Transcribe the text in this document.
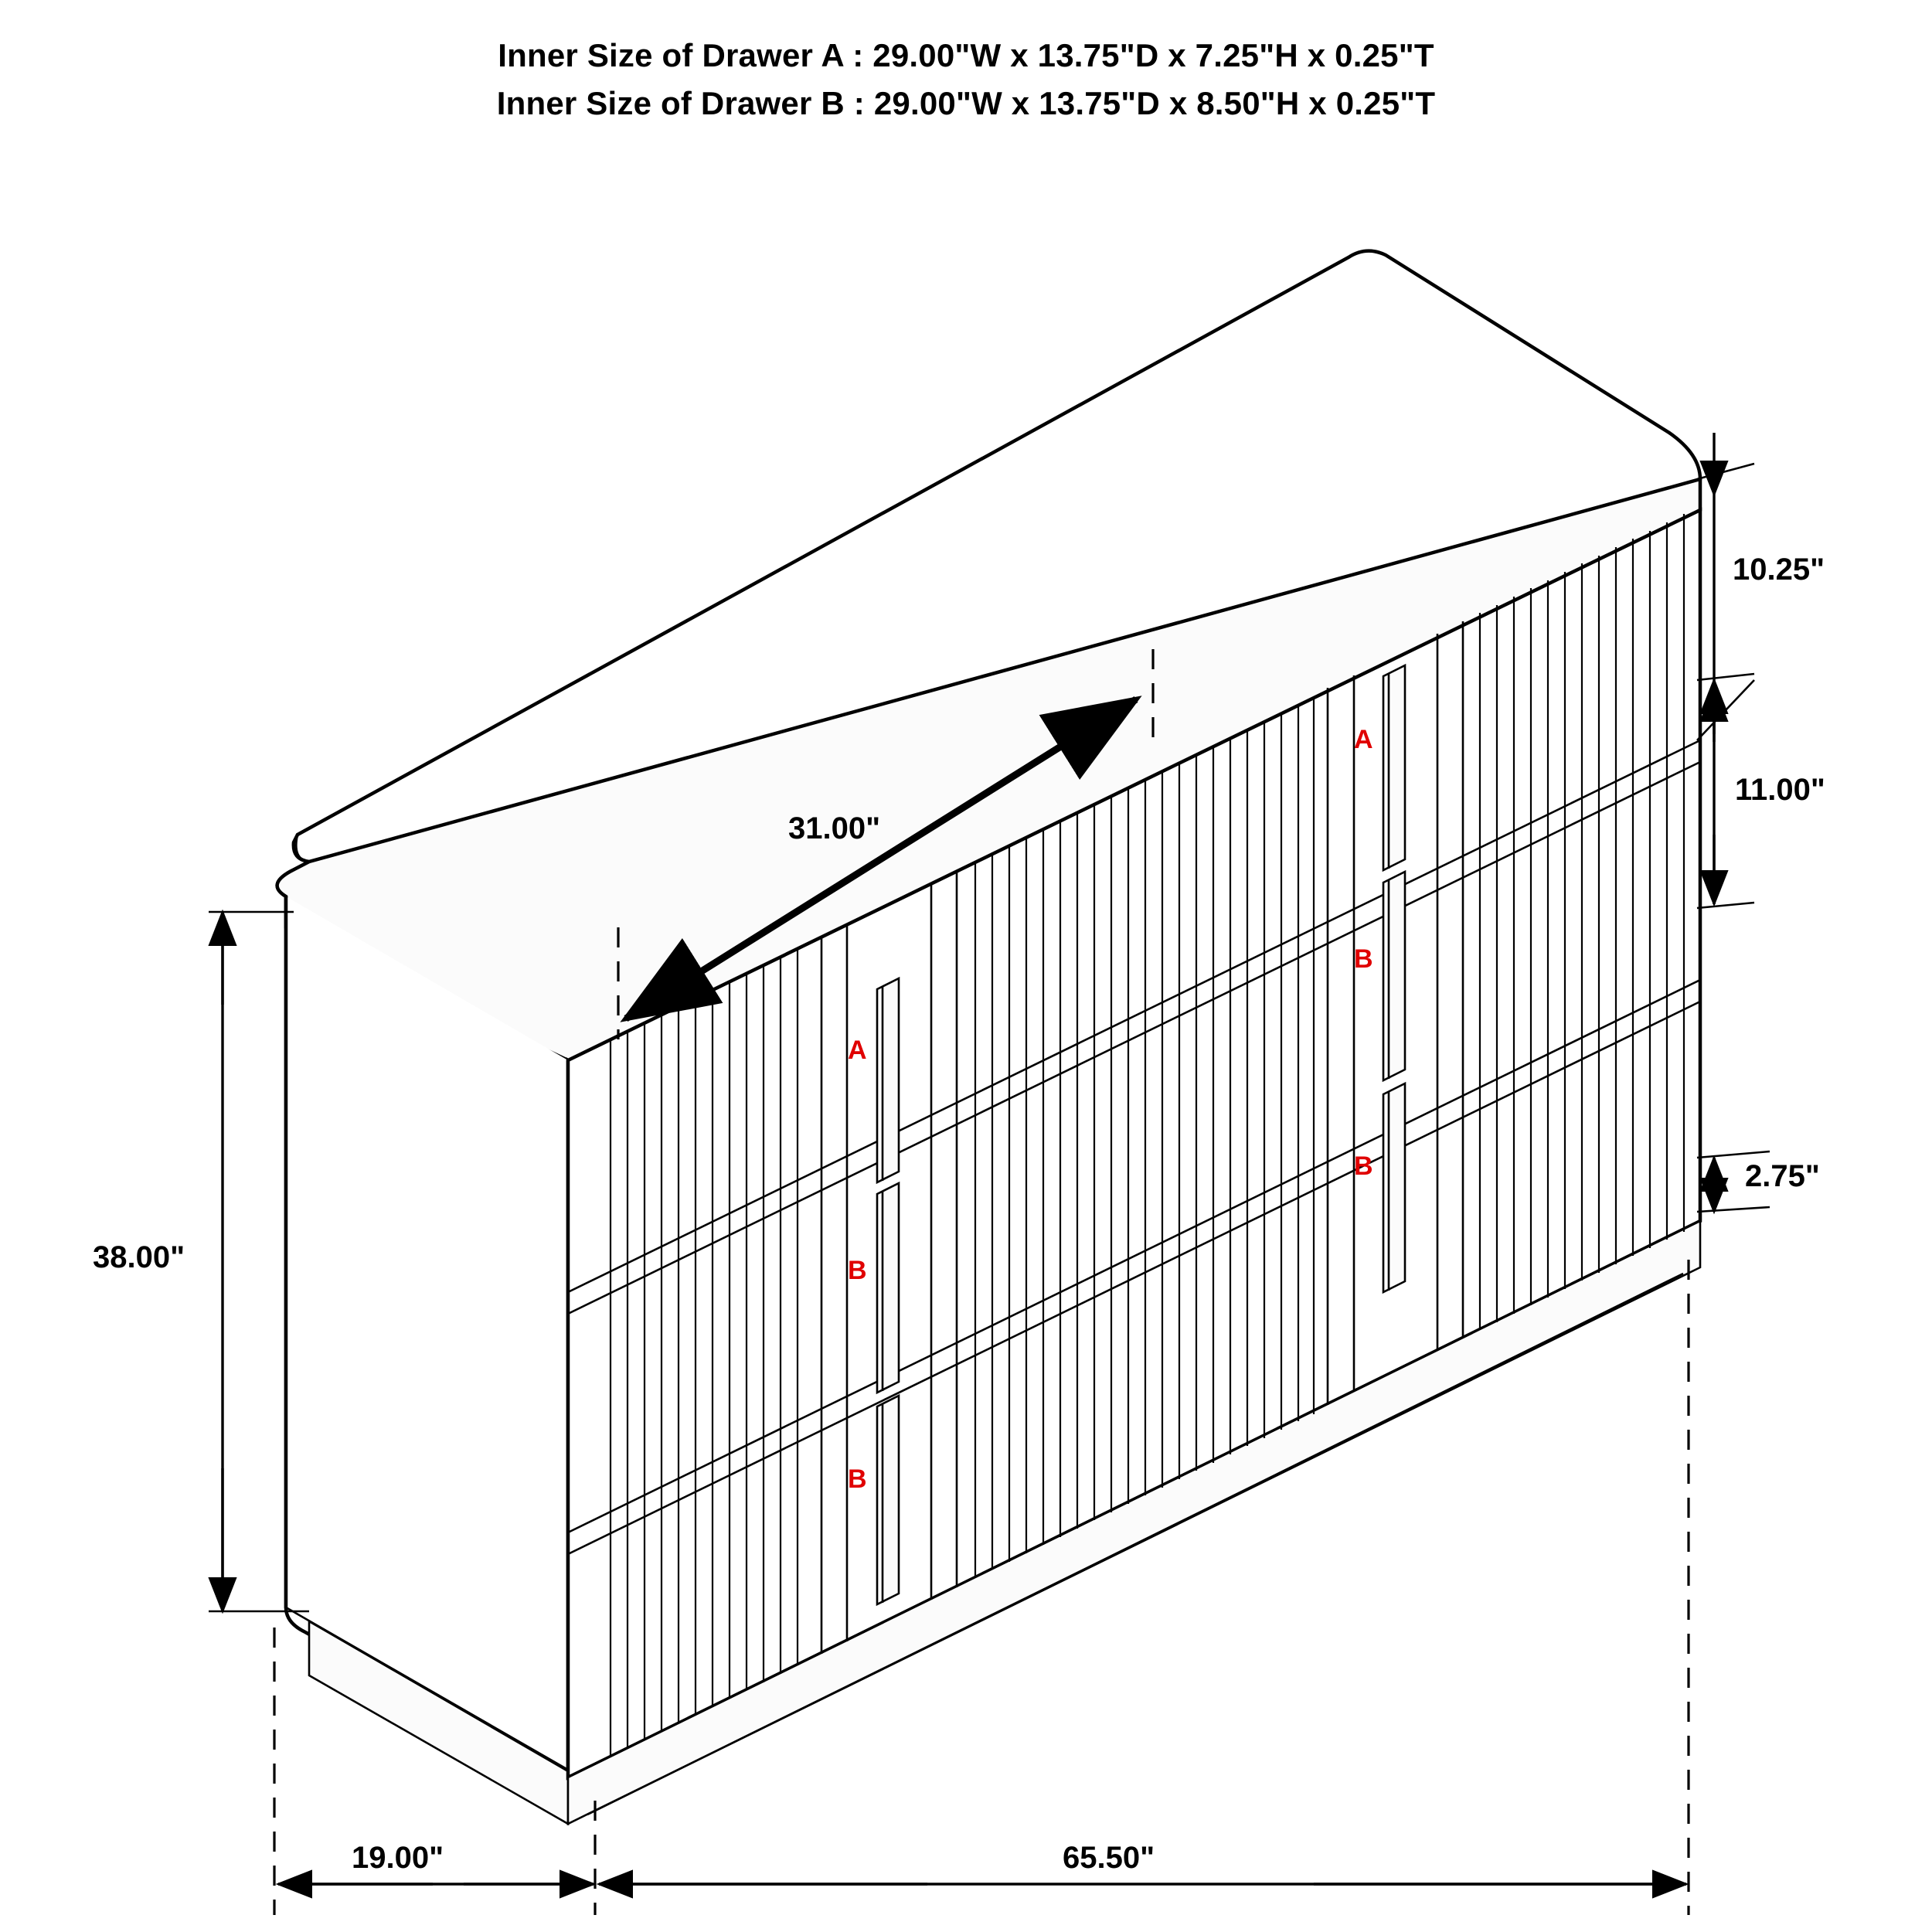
Inner Size of Drawer A : 29.00"W x 13.75"D x 7.25"H x 0.25"T
Inner Size of Drawer B : 29.00"W x 13.75"D x 8.50"H x 0.25"T
31.00"
38.00"
10.25"
11.00"
2.75"
19.00"	65.50"
A
B
B
A
B
B
